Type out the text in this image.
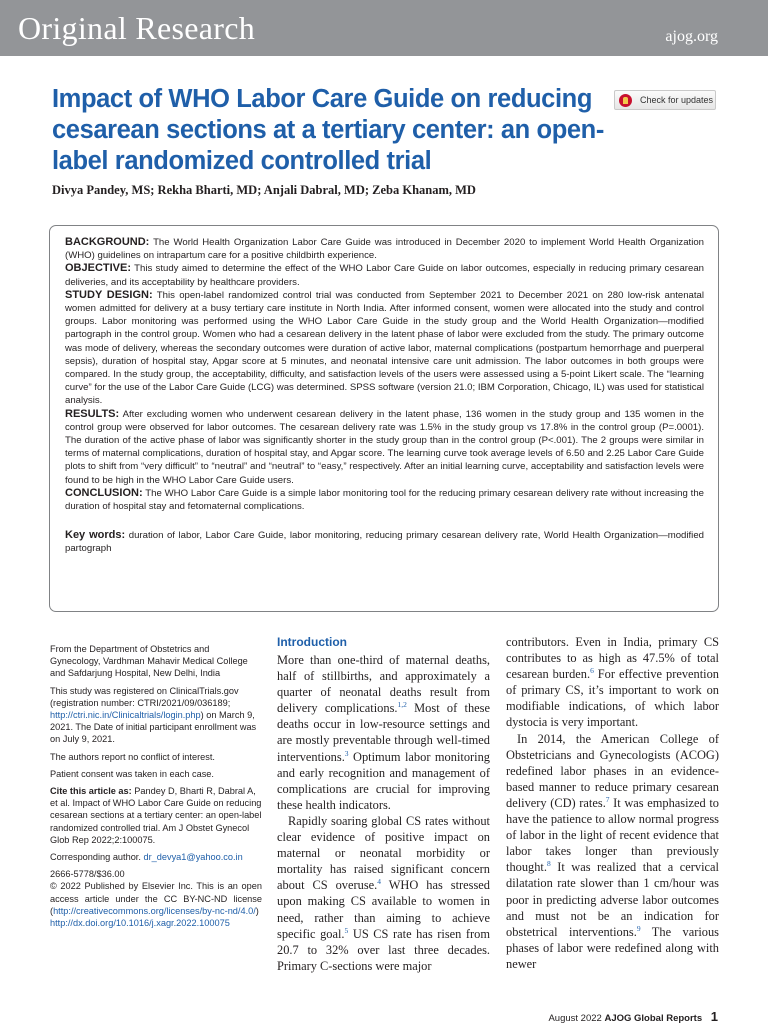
Original Research	ajog.org
Impact of WHO Labor Care Guide on reducing cesarean sections at a tertiary center: an open-label randomized controlled trial
Check for updates
Divya Pandey, MS; Rekha Bharti, MD; Anjali Dabral, MD; Zeba Khanam, MD

BACKGROUND: The World Health Organization Labor Care Guide was introduced in December 2020 to implement World Health Organization (WHO) guidelines on intrapartum care for a positive childbirth experience.

OBJECTIVE: This study aimed to determine the effect of the WHO Labor Care Guide on labor outcomes, especially in reducing primary cesarean deliveries, and its acceptability by healthcare providers.

STUDY DESIGN: This open-label randomized control trial was conducted from September 2021 to December 2021 on 280 low-risk antenatal women admitted for delivery at a busy tertiary care institute in North India. After informed consent, women were allocated into the study and control groups. Labor monitoring was performed using the WHO Labor Care Guide in the study group and the World Health Organization—modified partograph in the control group. Women who had a cesarean delivery in the latent phase of labor were excluded from the study. The primary outcome was mode of delivery, whereas the secondary outcomes were duration of active labor, maternal complications (postpartum hemorrhage and puerperal sepsis), duration of hospital stay, Apgar score at 5 minutes, and neonatal intensive care unit admission. The labor outcomes in both groups were compared. In the study group, the acceptability, difficulty, and satisfaction levels of the users were assessed using a 5-point Likert scale. The “learning curve” for the use of the Labor Care Guide (LCG) was determined. SPSS software (version 21.0; IBM Corporation, Chicago, IL) was used for statistical analysis.

RESULTS: After excluding women who underwent cesarean delivery in the latent phase, 136 women in the study group and 135 women in the control group were observed for labor outcomes. The cesarean delivery rate was 1.5% in the study group vs 17.8% in the control group (P=.0001). The duration of the active phase of labor was significantly shorter in the study group than in the control group (P<.001). The 2 groups were similar in terms of maternal complications, duration of hospital stay, and Apgar score. The learning curve took average levels of 6.50 and 2.25 Labor Care Guide plots to shift from “very difficult” to “neutral” and “neutral” to “easy,” respectively. After an initial learning curve, acceptability and satisfaction levels were found to be high in the WHO Labor Care Guide users.

CONCLUSION: The WHO Labor Care Guide is a simple labor monitoring tool for the reducing primary cesarean delivery rate without increasing the duration of hospital stay and fetomaternal complications.

Key words: duration of labor, Labor Care Guide, labor monitoring, reducing primary cesarean delivery rate, World Health Organization—modified partograph

From the Department of Obstetrics and Gynecology, Vardhman Mahavir Medical College and Safdarjung Hospital, New Delhi, India

This study was registered on ClinicalTrials.gov (registration number: CTRI/2021/09/036189; http://ctri.nic.in/Clinicaltrials/login.php) on March 9, 2021. The Date of initial participant enrollment was on July 9, 2021.

The authors report no conflict of interest.

Patient consent was taken in each case.

Cite this article as: Pandey D, Bharti R, Dabral A, et al. Impact of WHO Labor Care Guide on reducing cesarean sections at a tertiary center: an open-label randomized controlled trial. Am J Obstet Gynecol Glob Rep 2022;2:100075.

Corresponding author. dr_devya1@yahoo.co.in

2666-5778/$36.00
© 2022 Published by Elsevier Inc. This is an open access article under the CC BY-NC-ND license (http://creativecommons.org/licenses/by-nc-nd/4.0/)
http://dx.doi.org/10.1016/j.xagr.2022.100075

Introduction

More than one-third of maternal deaths, half of stillbirths, and approximately a quarter of neonatal deaths result from delivery complications.$^{1,2}$ Most of these deaths occur in low-resource settings and are mostly preventable through well-timed interventions.$^3$ Optimum labor monitoring and early recognition and management of complications are crucial for improving these health indicators.

Rapidly soaring global CS rates without clear evidence of positive impact on maternal or neonatal morbidity or mortality has raised significant concern about CS overuse.$^4$ WHO has stressed upon making CS available to women in need, rather than aiming to achieve specific goal.$^5$ US CS rate has risen from 20.7 to 32% over last three decades. Primary C-sections were major

contributors. Even in India, primary CS contributes to as high as 47.5% of total cesarean burden.$^6$ For effective prevention of primary CS, it’s important to work on modifiable indications, of which labor dystocia is very important.

In 2014, the American College of Obstetricians and Gynecologists (ACOG) redefined labor phases in an evidence-based manner to reduce primary cesarean delivery (CD) rates.$^7$ It was emphasized to have the patience to allow normal progress of labor in the light of recent evidence that labor takes longer than previously thought.$^8$ It was realized that a cervical dilatation rate slower than 1 cm/hour was poor in predicting adverse labor outcomes and must not be an indication for obstetrical interventions.$^9$ The various phases of labor were redefined along with newer

August 2022 AJOG Global Reports 1
